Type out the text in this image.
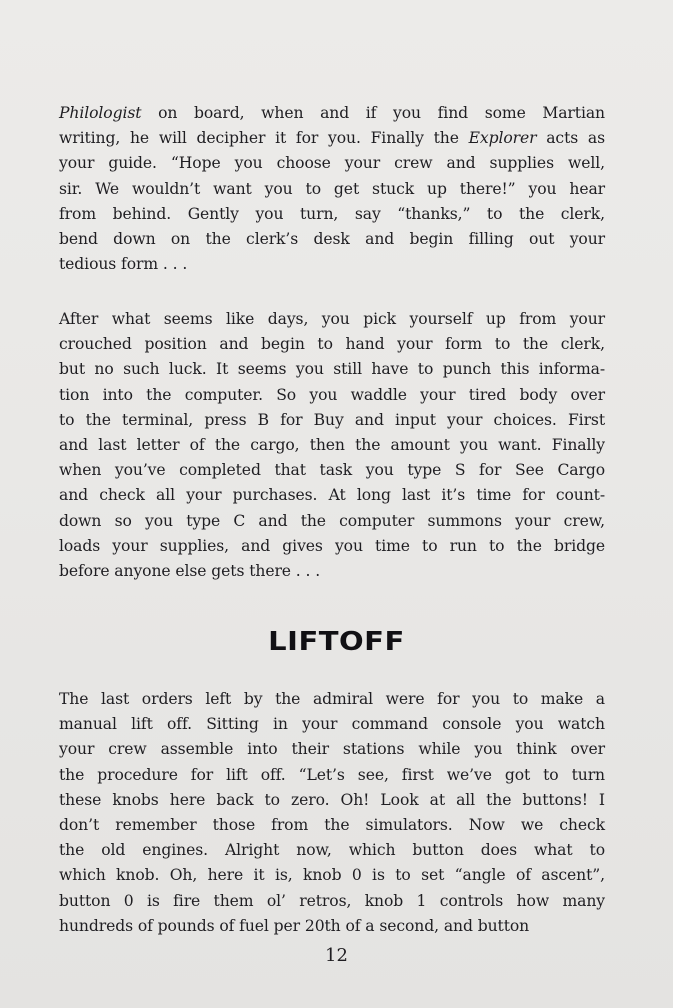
Philologist on board, when and if you find some Martian
writing, he will decipher it for you. Finally the Explorer acts as
your guide. “Hope you choose your crew and supplies well,
sir. We wouldn’t want you to get stuck up there!” you hear
from behind. Gently you turn, say “thanks,” to the clerk,
bend down on the clerk’s desk and begin filling out your
tedious form . . .

After what seems like days, you pick yourself up from your
crouched position and begin to hand your form to the clerk,
but no such luck. It seems you still have to punch this informa-
tion into the computer. So you waddle your tired body over
to the terminal, press B for Buy and input your choices. First
and last letter of the cargo, then the amount you want. Finally
when you’ve completed that task you type S for See Cargo
and check all your purchases. At long last it’s time for count-
down so you type C and the computer summons your crew,
loads your supplies, and gives you time to run to the bridge
before anyone else gets there . . .

LIFTOFF

The last orders left by the admiral were for you to make a
manual lift off. Sitting in your command console you watch
your crew assemble into their stations while you think over
the procedure for lift off. “Let’s see, first we’ve got to turn
these knobs here back to zero. Oh! Look at all the buttons! I
don’t remember those from the simulators. Now we check
the old engines. Alright now, which button does what to
which knob. Oh, here it is, knob 0 is to set “angle of ascent”,
button 0 is fire them ol’ retros, knob 1 controls how many
hundreds of pounds of fuel per 20th of a second, and button

12
